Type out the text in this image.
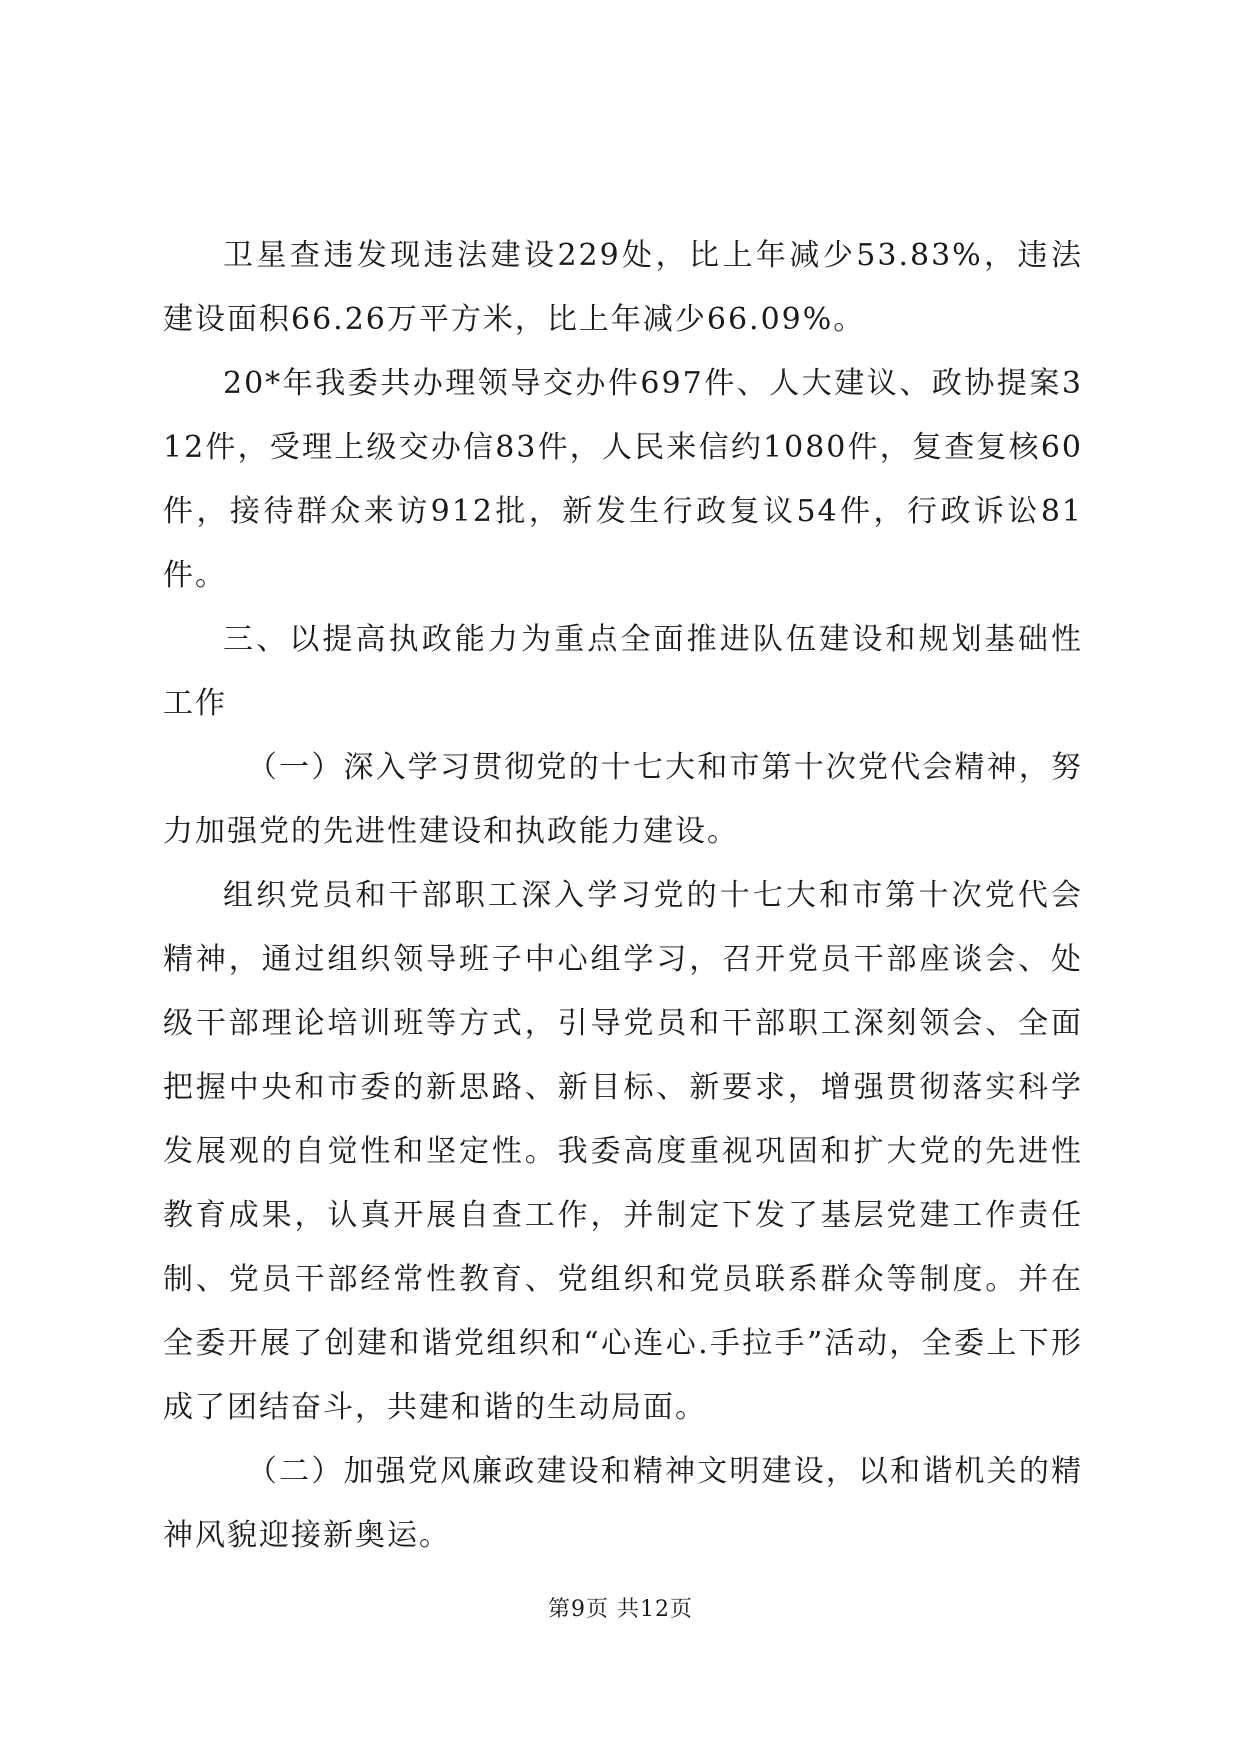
卫星查违发现违法建设229处，比上年减少53.83%，违法建设面积66.26万平方米，比上年减少66.09%。

20*年我委共办理领导交办件697件、人大建议、政协提案312件，受理上级交办信83件，人民来信约1080件，复查复核60件，接待群众来访912批，新发生行政复议54件，行政诉讼81件。

三、以提高执政能力为重点全面推进队伍建设和规划基础性工作

（一）深入学习贯彻党的十七大和市第十次党代会精神，努力加强党的先进性建设和执政能力建设。

组织党员和干部职工深入学习党的十七大和市第十次党代会精神，通过组织领导班子中心组学习，召开党员干部座谈会、处级干部理论培训班等方式，引导党员和干部职工深刻领会、全面把握中央和市委的新思路、新目标、新要求，增强贯彻落实科学发展观的自觉性和坚定性。我委高度重视巩固和扩大党的先进性教育成果，认真开展自查工作，并制定下发了基层党建工作责任制、党员干部经常性教育、党组织和党员联系群众等制度。并在全委开展了创建和谐党组织和“心连心.手拉手”活动，全委上下形成了团结奋斗，共建和谐的生动局面。

（二）加强党风廉政建设和精神文明建设，以和谐机关的精神风貌迎接新奥运。

第9页 共12页
